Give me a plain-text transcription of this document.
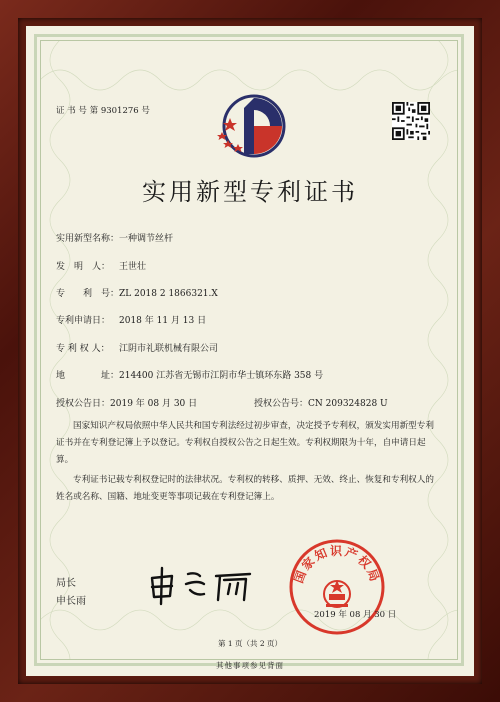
证 书 号 第 9301276 号
实用新型专利证书
实用新型名称：一种调节丝杆
发　明　人： 王世壮
专　　利　号：ZL 2018 2 1866321.X
专利申请日： 2018 年 11 月 13 日
专 利 权 人： 江阴市礼联机械有限公司
地　　　　址：214400 江苏省无锡市江阴市华士镇环东路 358 号
授权公告日：2019 年 08 月 30 日	授权公告号：CN 209324828 U
国家知识产权局依照中华人民共和国专利法经过初步审查，决定授予专利权，颁发实用新型专利证书并在专利登记簿上予以登记。专利权自授权公告之日起生效。专利权期限为十年，自申请日起算。
专利证书记载专利权登记时的法律状况。专利权的转移、质押、无效、终止、恢复和专利权人的姓名或名称、国籍、地址变更等事项记载在专利登记簿上。
局长
申长雨
国家知识产权局
2019 年 08 月 30 日
第 1 页（共 2 页）
其他事项参见背面
